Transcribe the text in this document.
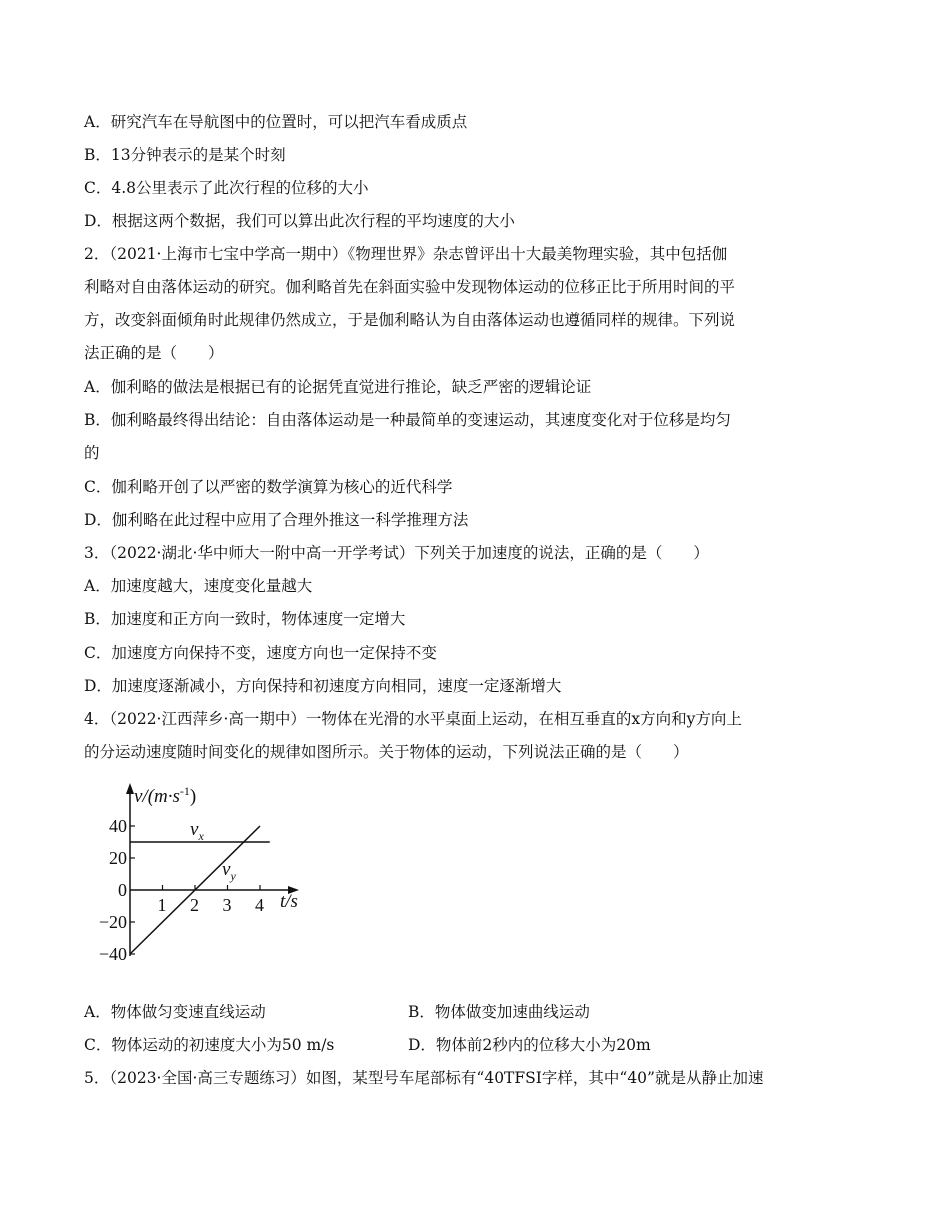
A．研究汽车在导航图中的位置时，可以把汽车看成质点
B．13分钟表示的是某个时刻
C．4.8公里表示了此次行程的位移的大小
D．根据这两个数据，我们可以算出此次行程的平均速度的大小
2．（2021·上海市七宝中学高一期中）《物理世界》杂志曾评出十大最美物理实验，其中包括伽
利略对自由落体运动的研究。伽利略首先在斜面实验中发现物体运动的位移正比于所用时间的平
方，改变斜面倾角时此规律仍然成立，于是伽利略认为自由落体运动也遵循同样的规律。下列说
法正确的是（　　）
A．伽利略的做法是根据已有的论据凭直觉进行推论，缺乏严密的逻辑论证
B．伽利略最终得出结论：自由落体运动是一种最简单的变速运动，其速度变化对于位移是均匀
的
C．伽利略开创了以严密的数学演算为核心的近代科学
D．伽利略在此过程中应用了合理外推这一科学推理方法
3．（2022·湖北·华中师大一附中高一开学考试）下列关于加速度的说法，正确的是（　　）
A．加速度越大，速度变化量越大
B．加速度和正方向一致时，物体速度一定增大
C．加速度方向保持不变，速度方向也一定保持不变
D．加速度逐渐减小，方向保持和初速度方向相同，速度一定逐渐增大
4．（2022·江西萍乡·高一期中）一物体在光滑的水平桌面上运动，在相互垂直的x方向和y方向上
的分运动速度随时间变化的规律如图所示。关于物体的运动，下列说法正确的是（　　）
1 2 3 4
40
20
0
−20
−40
$v_x$
$v_y$
$v/(m\cdot s^{-1})$
t/s
A．物体做匀变速直线运动	B．物体做变加速曲线运动
C．物体运动的初速度大小为50 m/s	D．物体前2秒内的位移大小为20m
5．（2023·全国·高三专题练习）如图，某型号车尾部标有“40TFSI字样，其中“40”就是从静止加速
